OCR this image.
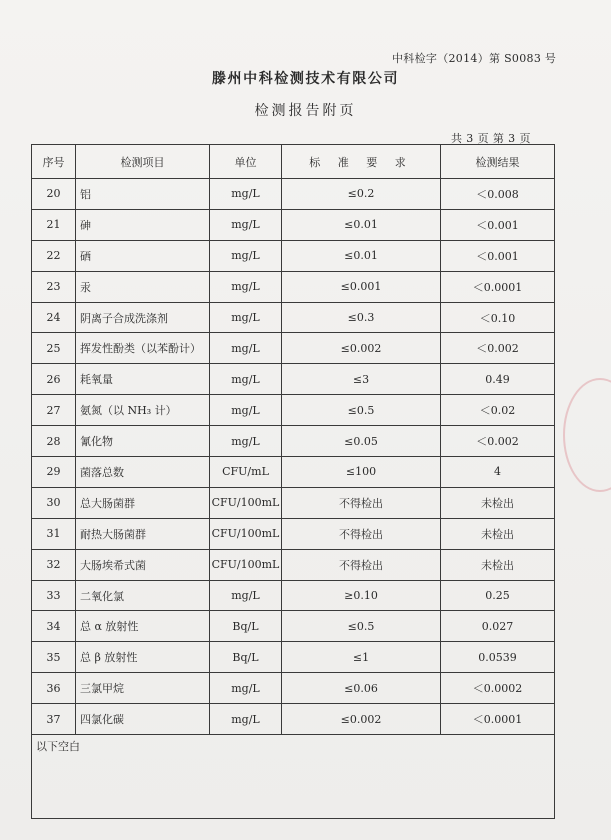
中科检字（2014）第 S0083 号
滕州中科检测技术有限公司
检测报告附页
共 3 页 第 3 页
序号	检测项目	单位	标 准 要 求	检测结果
20	铝	mg/L	≤0.2	＜0.008
21	砷	mg/L	≤0.01	＜0.001
22	硒	mg/L	≤0.01	＜0.001
23	汞	mg/L	≤0.001	＜0.0001
24	阴离子合成洗涤剂	mg/L	≤0.3	＜0.10
25	挥发性酚类（以苯酚计）	mg/L	≤0.002	＜0.002
26	耗氧量	mg/L	≤3	0.49
27	氨氮（以 NH₃ 计）	mg/L	≤0.5	＜0.02
28	氰化物	mg/L	≤0.05	＜0.002
29	菌落总数	CFU/mL	≤100	4
30	总大肠菌群	CFU/100mL	不得检出	未检出
31	耐热大肠菌群	CFU/100mL	不得检出	未检出
32	大肠埃希式菌	CFU/100mL	不得检出	未检出
33	二氧化氯	mg/L	≥0.10	0.25
34	总 α 放射性	Bq/L	≤0.5	0.027
35	总 β 放射性	Bq/L	≤1	0.0539
36	三氯甲烷	mg/L	≤0.06	＜0.0002
37	四氯化碳	mg/L	≤0.002	＜0.0001
以下空白				
